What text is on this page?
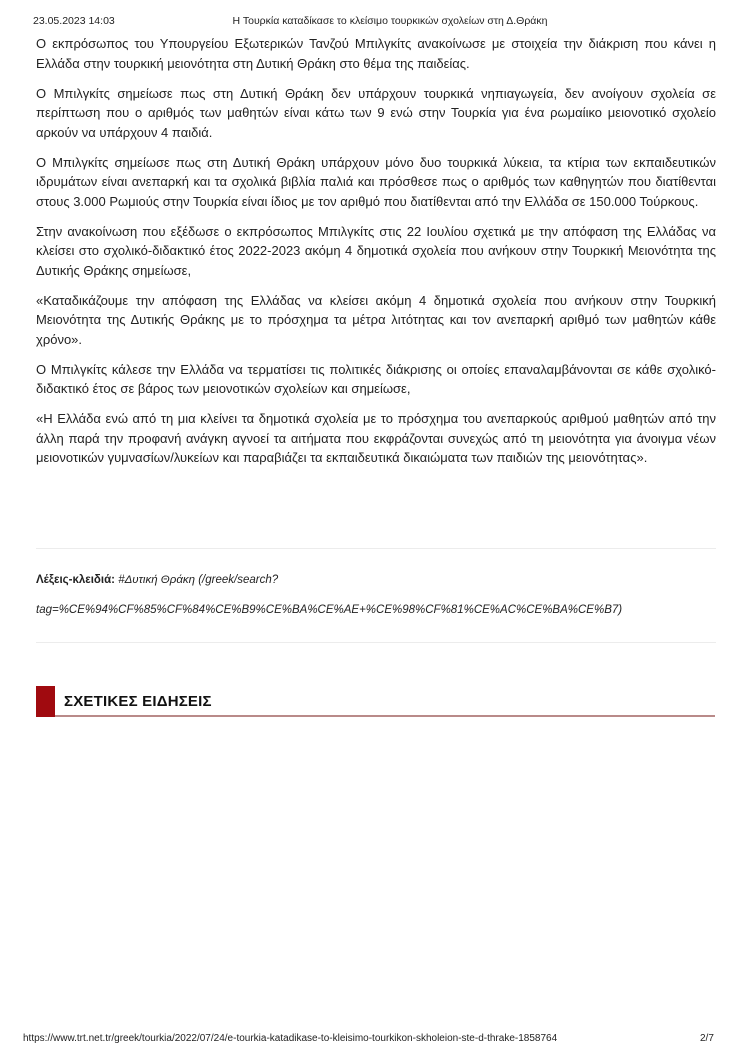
23.05.2023 14:03	Η Τουρκία καταδίκασε το κλείσιμο τουρκικών σχολείων στη Δ.Θράκη

Ο εκπρόσωπος του Υπουργείου Εξωτερικών Τανζού Μπιλγκίτς ανακοίνωσε με στοιχεία την διάκριση που κάνει η Ελλάδα στην τουρκική μειονότητα στη Δυτική Θράκη στο θέμα της παιδείας.

Ο Μπιλγκίτς σημείωσε πως στη Δυτική Θράκη δεν υπάρχουν τουρκικά νηπιαγωγεία, δεν ανοίγουν σχολεία σε περίπτωση που ο αριθμός των μαθητών είναι κάτω των 9 ενώ στην Τουρκία για ένα ρωμαίικο μειονοτικό σχολείο αρκούν να υπάρχουν 4 παιδιά.

Ο Μπιλγκίτς σημείωσε πως στη Δυτική Θράκη υπάρχουν μόνο δυο τουρκικά λύκεια, τα κτίρια των εκπαιδευτικών ιδρυμάτων είναι ανεπαρκή και τα σχολικά βιβλία παλιά και πρόσθεσε πως ο αριθμός των καθηγητών που διατίθενται στους 3.000 Ρωμιούς στην Τουρκία είναι ίδιος με τον αριθμό που διατίθενται από την Ελλάδα σε 150.000 Τούρκους.

Στην ανακοίνωση που εξέδωσε ο εκπρόσωπος Μπιλγκίτς στις 22 Ιουλίου σχετικά με την απόφαση της Ελλάδας να κλείσει στο σχολικό-διδακτικό έτος 2022-2023 ακόμη 4 δημοτικά σχολεία που ανήκουν στην Τουρκική Μειονότητα της Δυτικής Θράκης σημείωσε,

«Καταδικάζουμε την απόφαση της Ελλάδας να κλείσει ακόμη 4 δημοτικά σχολεία που ανήκουν στην Τουρκική Μειονότητα της Δυτικής Θράκης με το πρόσχημα τα μέτρα λιτότητας και τον ανεπαρκή αριθμό των μαθητών κάθε χρόνο».

Ο Μπιλγκίτς κάλεσε την Ελλάδα να τερματίσει τις πολιτικές διάκρισης οι οποίες επαναλαμβάνονται σε κάθε σχολικό-διδακτικό έτος σε βάρος των μειονοτικών σχολείων και σημείωσε,

«Η Ελλάδα ενώ από τη μια κλείνει τα δημοτικά σχολεία με το πρόσχημα του ανεπαρκούς αριθμού μαθητών από την άλλη παρά την προφανή ανάγκη αγνοεί τα αιτήματα που εκφράζονται συνεχώς από τη μειονότητα για άνοιγμα νέων μειονοτικών γυμνασίων/λυκείων και παραβιάζει τα εκπαιδευτικά δικαιώματα των παιδιών της μειονότητας».

Λέξεις-κλειδιά: #Δυτική Θράκη (/greek/search?
tag=%CE%94%CF%85%CF%84%CE%B9%CE%BA%CE%AE+%CE%98%CF%81%CE%AC%CE%BA%CE%B7)
ΣΧΕΤΙΚΕΣ ΕΙΔΗΣΕΙΣ
https://www.trt.net.tr/greek/tourkia/2022/07/24/e-tourkia-katadikase-to-kleisimo-tourkikon-skholeion-ste-d-thrake-1858764	2/7
